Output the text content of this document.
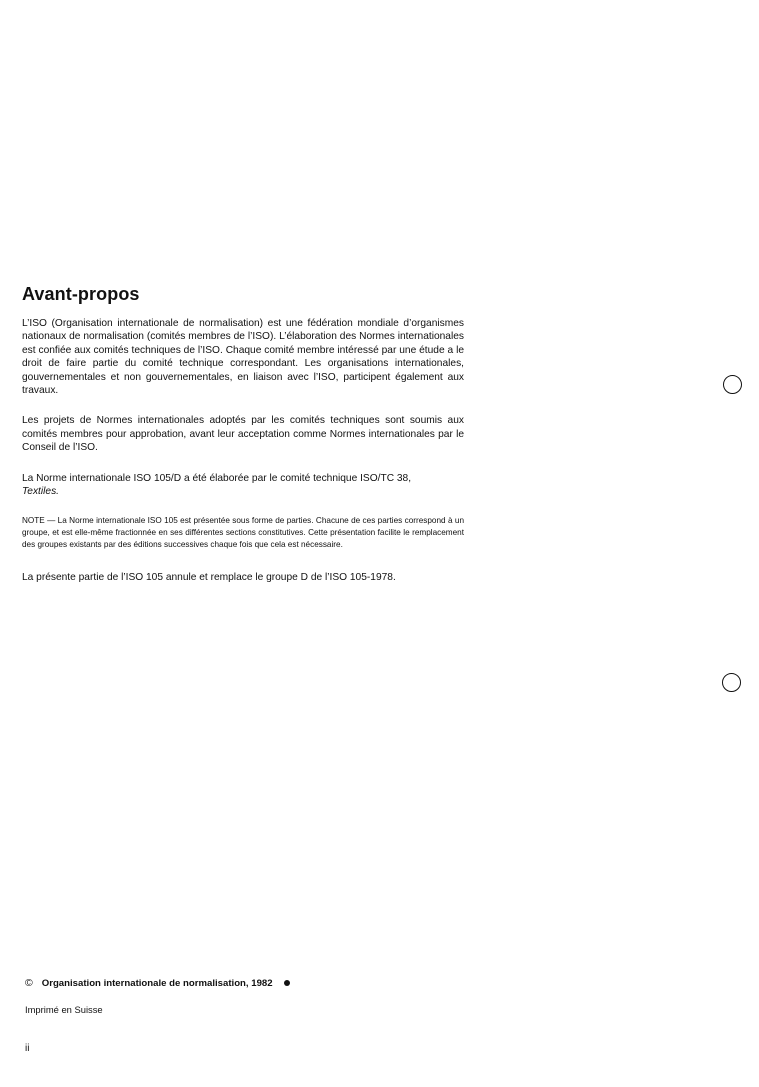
Avant-propos

L’ISO (Organisation internationale de normalisation) est une fédération mondiale d’organismes nationaux de normalisation (comités membres de l’ISO). L’élaboration des Normes internationales est confiée aux comités techniques de l’ISO. Chaque comité membre intéressé par une étude a le droit de faire partie du comité technique correspondant. Les organisations internationales, gouvernementales et non gouvernementales, en liaison avec l’ISO, participent également aux travaux.

Les projets de Normes internationales adoptés par les comités techniques sont soumis aux comités membres pour approbation, avant leur acceptation comme Normes internationales par le Conseil de l’ISO.

La Norme internationale ISO 105/D a été élaborée par le comité technique ISO/TC 38,
Textiles.

NOTE — La Norme internationale ISO 105 est présentée sous forme de parties. Chacune de ces parties correspond à un groupe, et est elle-même fractionnée en ses différentes sections constitutives. Cette présentation facilite le remplacement des groupes existants par des éditions successives chaque fois que cela est nécessaire.

La présente partie de l’ISO 105 annule et remplace le groupe D de l’ISO 105-1978.

© Organisation internationale de normalisation, 1982
Imprimé en Suisse
ii
